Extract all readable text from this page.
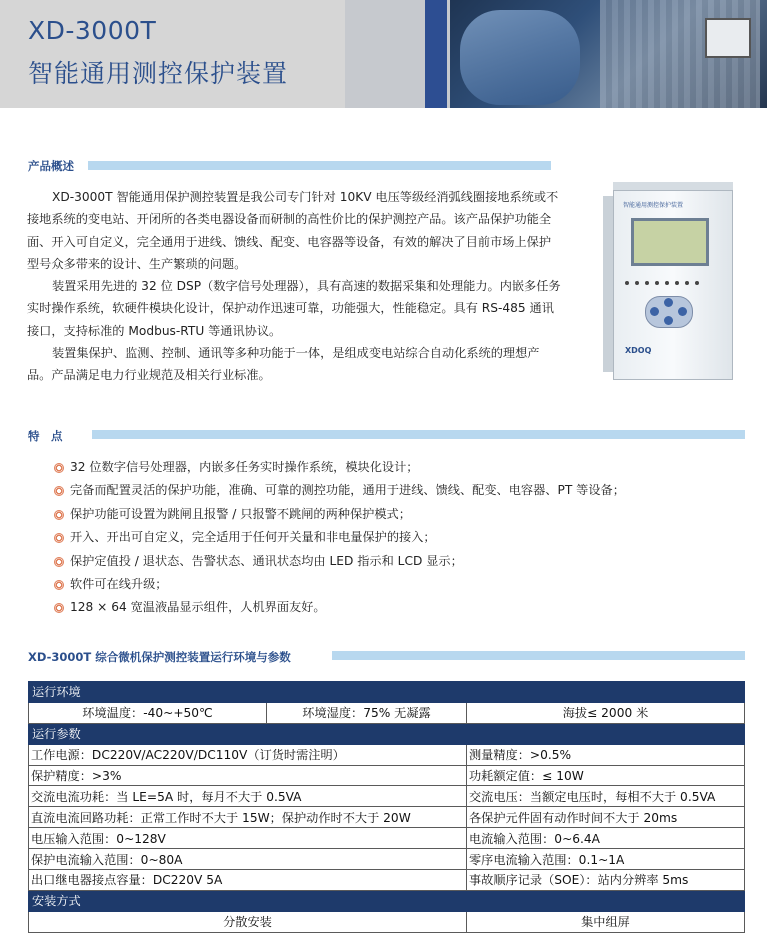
XD-3000T
智能通用测控保护装置
产品概述

XD-3000T 智能通用保护测控装置是我公司专门针对 10KV 电压等级经消弧线圈接地系统或不接地系统的变电站、开闭所的各类电器设备而研制的高性价比的保护测控产品。该产品保护功能全面、开入可自定义，完全通用于进线、馈线、配变、电容器等设备，有效的解决了目前市场上保护型号众多带来的设计、生产繁琐的问题。

装置采用先进的 32 位 DSP（数字信号处理器），具有高速的数据采集和处理能力。内嵌多任务实时操作系统，软硬件模块化设计，保护动作迅速可靠，功能强大，性能稳定。具有 RS-485 通讯接口，支持标准的 Modbus-RTU 等通讯协议。

装置集保护、监测、控制、通讯等多种功能于一体，是组成变电站综合自动化系统的理想产品。产品满足电力行业规范及相关行业标准。

智能通用测控保护装置
XDOQ
特　点
32 位数字信号处理器，内嵌多任务实时操作系统，模块化设计；
完备而配置灵活的保护功能，准确、可靠的测控功能，通用于进线、馈线、配变、电容器、PT 等设备；
保护功能可设置为跳闸且报警 / 只报警不跳闸的两种保护模式；
开入、开出可自定义，完全适用于任何开关量和非电量保护的接入；
保护定值投 / 退状态、告警状态、通讯状态均由 LED 指示和 LCD 显示；
软件可在线升级；
128 × 64 宽温液晶显示组件，人机界面友好。
XD-3000T 综合微机保护测控装置运行环境与参数
运行环境		
环境温度：-40~+50℃	环境湿度：75% 无凝露	海拔≤ 2000 米
运行参数		
工作电源：DC220V/AC220V/DC110V（订货时需注明）		测量精度：>0.5%
保护精度：>3%		功耗额定值：≤ 10W
交流电流功耗：当 LE=5A 时，每月不大于 0.5VA		交流电压：当额定电压时，每相不大于 0.5VA
直流电流回路功耗：正常工作时不大于 15W；保护动作时不大于 20W		各保护元件固有动作时间不大于 20ms
电压输入范围：0~128V		电流输入范围：0~6.4A
保护电流输入范围：0~80A		零序电流输入范围：0.1~1A
出口继电器接点容量：DC220V 5A		事故顺序记录（SOE）：站内分辨率 5ms
安装方式		
分散安装		集中组屏
